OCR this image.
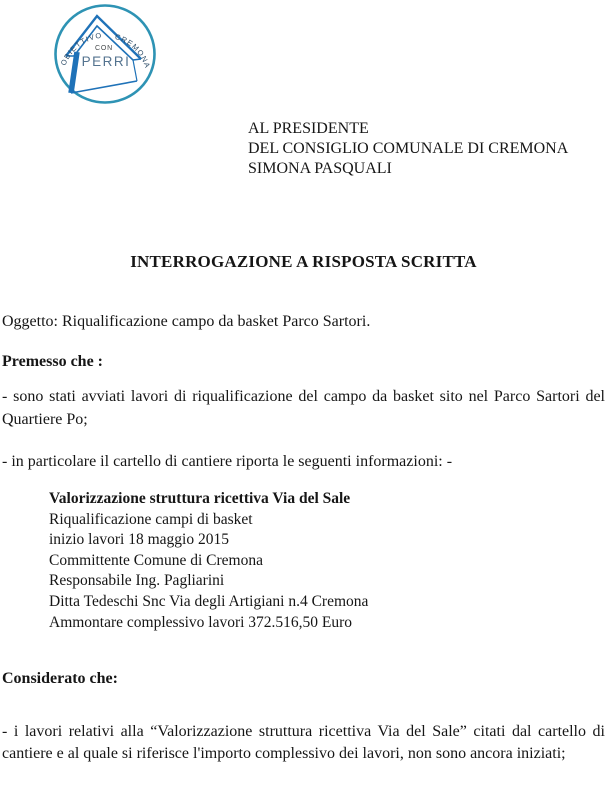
OBIETTIVO CREMONA
CON
PERRI
AL PRESIDENTE
DEL CONSIGLIO COMUNALE DI CREMONA
SIMONA PASQUALI
INTERROGAZIONE A RISPOSTA SCRITTA
Oggetto: Riqualificazione campo da basket Parco Sartori.
Premesso che :
- sono stati avviati lavori di riqualificazione del campo da basket sito nel Parco Sartori del Quartiere Po;
- in particolare il cartello di cantiere riporta le seguenti informazioni: -
Valorizzazione struttura ricettiva Via del Sale
Riqualificazione campi di basket
inizio lavori 18 maggio 2015
Committente Comune di Cremona
Responsabile Ing. Pagliarini
Ditta Tedeschi Snc Via degli Artigiani n.4 Cremona
Ammontare complessivo lavori 372.516,50 Euro
Considerato che:
- i lavori relativi alla “Valorizzazione struttura ricettiva Via del Sale” citati dal cartello di cantiere e al quale si riferisce l'importo complessivo dei lavori, non sono ancora iniziati;
